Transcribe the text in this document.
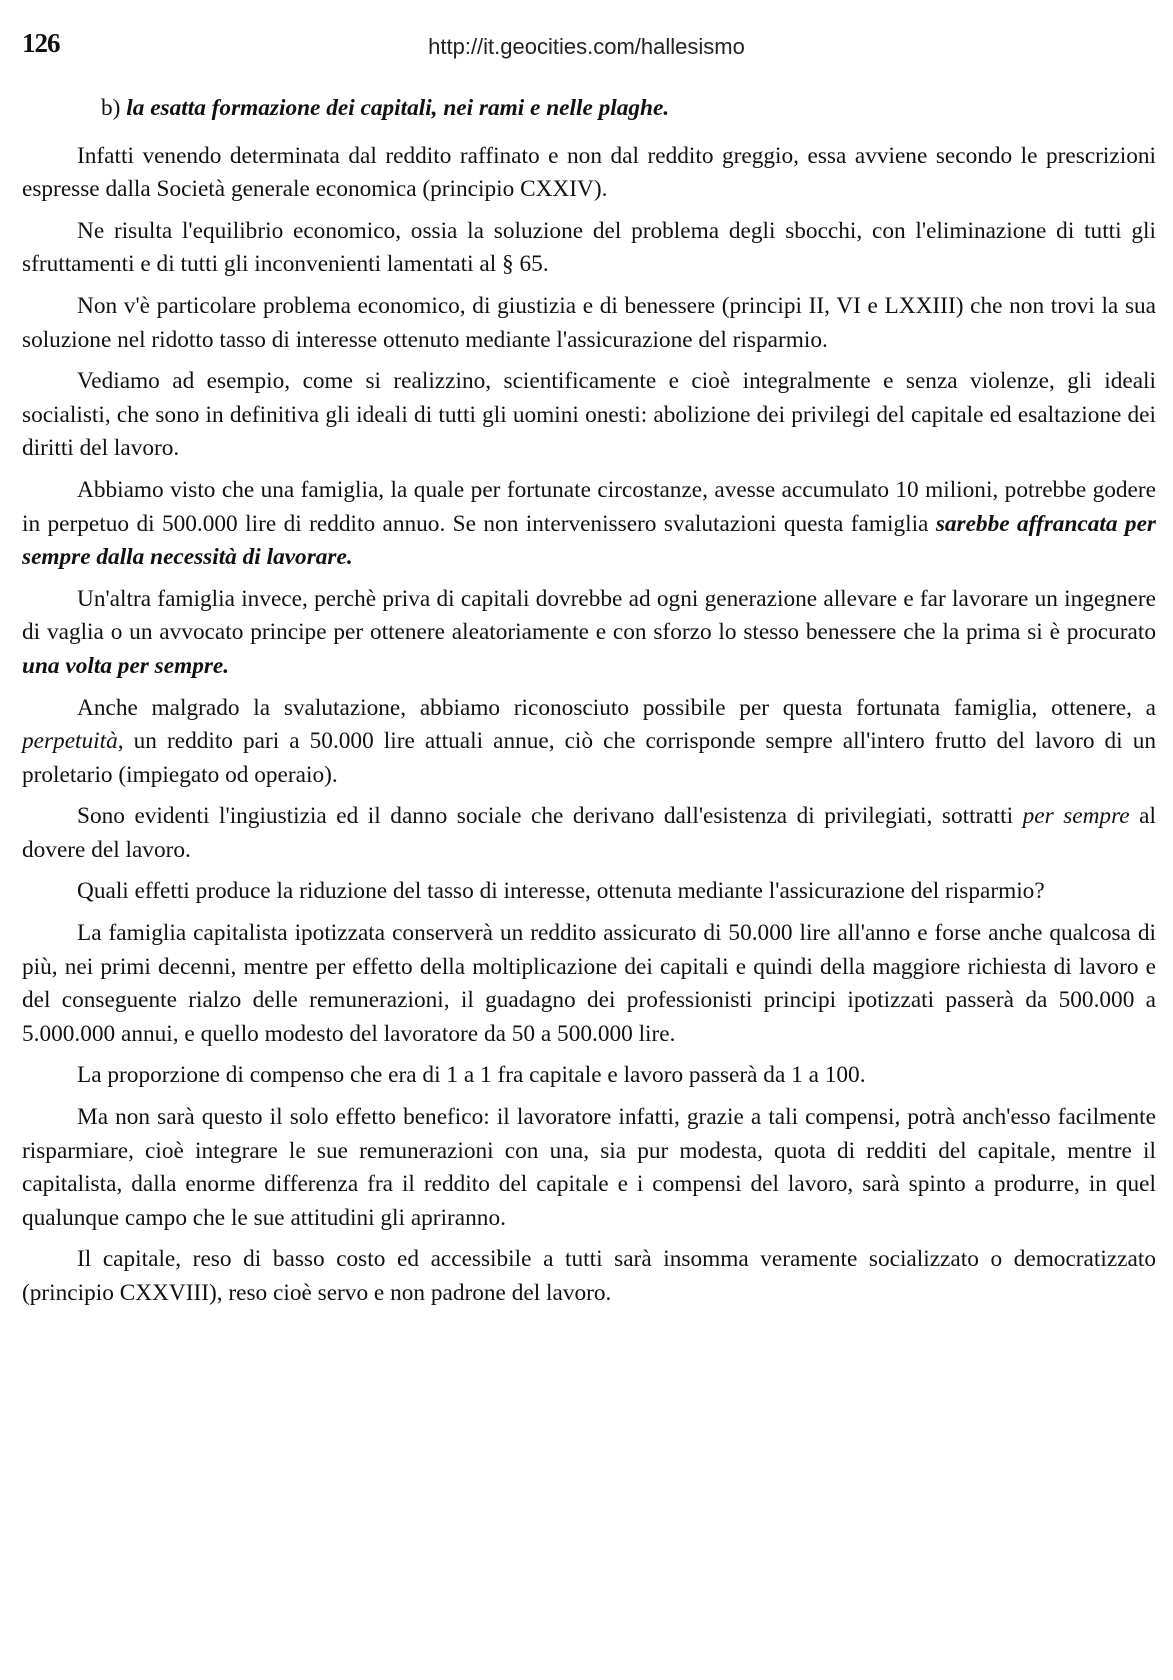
126	http://it.geocities.com/hallesismo

b) la esatta formazione dei capitali, nei rami e nelle plaghe.

Infatti venendo determinata dal reddito raffinato e non dal reddito greggio, essa avviene secondo le prescrizioni espresse dalla Società generale economica (principio CXXIV).

Ne risulta l'equilibrio economico, ossia la soluzione del problema degli sbocchi, con l'eliminazione di tutti gli sfruttamenti e di tutti gli inconvenienti lamentati al § 65.

Non v'è particolare problema economico, di giustizia e di benessere (principi II, VI e LXXIII) che non trovi la sua soluzione nel ridotto tasso di interesse ottenuto mediante l'assicurazione del risparmio.

Vediamo ad esempio, come si realizzino, scientificamente e cioè integralmente e senza violenze, gli ideali socialisti, che sono in definitiva gli ideali di tutti gli uomini onesti: abolizione dei privilegi del capitale ed esaltazione dei diritti del lavoro.

Abbiamo visto che una famiglia, la quale per fortunate circostanze, avesse accumulato 10 milioni, potrebbe godere in perpetuo di 500.000 lire di reddito annuo. Se non intervenissero svalutazioni questa famiglia sarebbe affrancata per sempre dalla necessità di lavorare.

Un'altra famiglia invece, perchè priva di capitali dovrebbe ad ogni generazione allevare e far lavorare un ingegnere di vaglia o un avvocato principe per ottenere aleatoriamente e con sforzo lo stesso benessere che la prima si è procurato una volta per sempre.

Anche malgrado la svalutazione, abbiamo riconosciuto possibile per questa fortunata famiglia, ottenere, a perpetuità, un reddito pari a 50.000 lire attuali annue, ciò che corrisponde sempre all'intero frutto del lavoro di un proletario (impiegato od operaio).

Sono evidenti l'ingiustizia ed il danno sociale che derivano dall'esistenza di privilegiati, sottratti per sempre al dovere del lavoro.

Quali effetti produce la riduzione del tasso di interesse, ottenuta mediante l'assicurazione del risparmio?

La famiglia capitalista ipotizzata conserverà un reddito assicurato di 50.000 lire all'anno e forse anche qualcosa di più, nei primi decenni, mentre per effetto della moltiplicazione dei capitali e quindi della maggiore richiesta di lavoro e del conseguente rialzo delle remunerazioni, il guadagno dei professionisti principi ipotizzati passerà da 500.000 a 5.000.000 annui, e quello modesto del lavoratore da 50 a 500.000 lire.

La proporzione di compenso che era di 1 a 1 fra capitale e lavoro passerà da 1 a 100.

Ma non sarà questo il solo effetto benefico: il lavoratore infatti, grazie a tali compensi, potrà anch'esso facilmente risparmiare, cioè integrare le sue remunerazioni con una, sia pur modesta, quota di redditi del capitale, mentre il capitalista, dalla enorme differenza fra il reddito del capitale e i compensi del lavoro, sarà spinto a produrre, in quel qualunque campo che le sue attitudini gli apriranno.

Il capitale, reso di basso costo ed accessibile a tutti sarà insomma veramente socializzato o democratizzato (principio CXXVIII), reso cioè servo e non padrone del lavoro.
